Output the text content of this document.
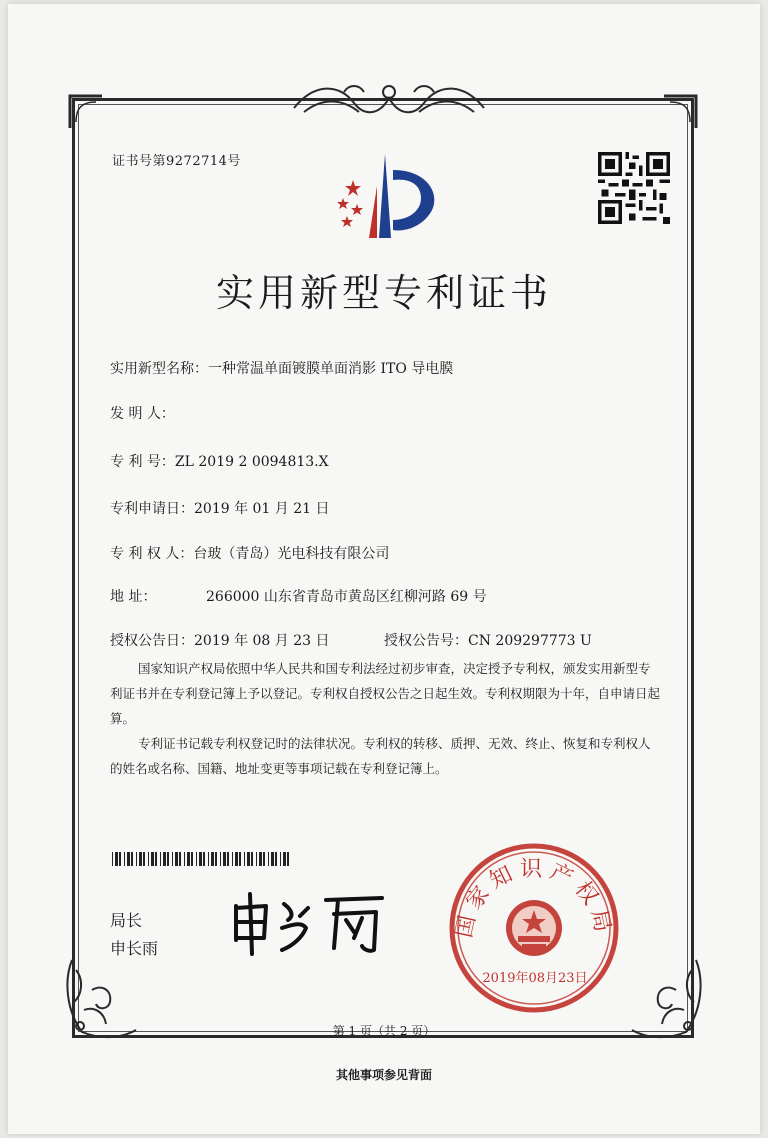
证书号第9272714号
实用新型专利证书
实用新型名称：一种常温单面镀膜单面消影 ITO 导电膜
发 明 人：
专 利 号：ZL 2019 2 0094813.X
专利申请日：2019 年 01 月 21 日
专 利 权 人：台玻（青岛）光电科技有限公司
地 址：	266000 山东省青岛市黄岛区红柳河路 69 号
授权公告日：2019 年 08 月 23 日	授权公告号：CN 209297773 U

国家知识产权局依照中华人民共和国专利法经过初步审查，决定授予专利权，颁发实用新型专利证书并在专利登记簿上予以登记。专利权自授权公告之日起生效。专利权期限为十年，自申请日起算。

专利证书记载专利权登记时的法律状况。专利权的转移、质押、无效、终止、恢复和专利权人的姓名或名称、国籍、地址变更等事项记载在专利登记簿上。

局长
申长雨
国家知识产权局
2019年08月23日
第 1 页（共 2 页）
其他事项参见背面
